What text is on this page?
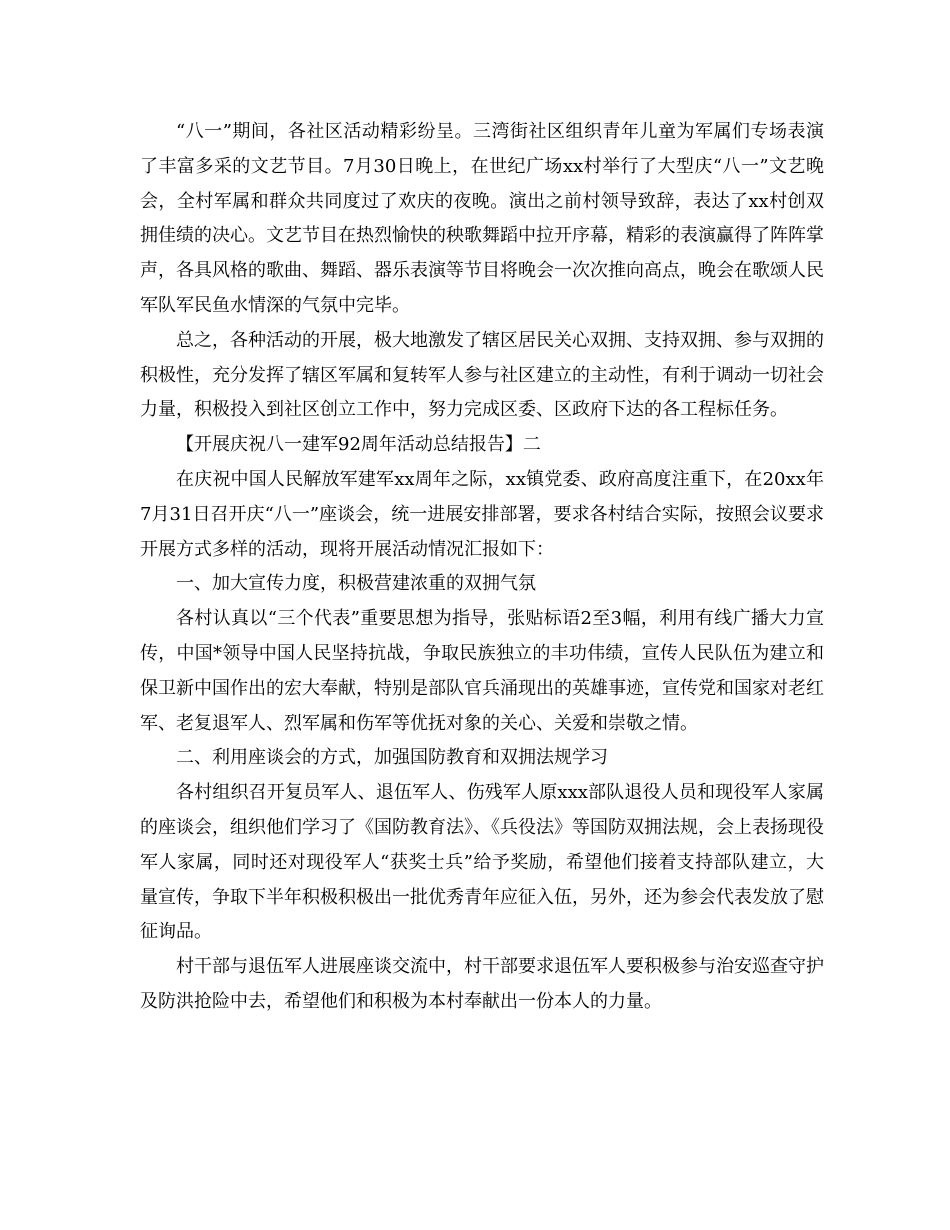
“八一”期间，各社区活动精彩纷呈。三湾街社区组织青年儿童为军属们专场表演了丰富多采的文艺节目。7月30日晚上，在世纪广场xx村举行了大型庆“八一”文艺晚会，全村军属和群众共同度过了欢庆的夜晚。演出之前村领导致辞，表达了xx村创双拥佳绩的决心。文艺节目在热烈愉快的秧歌舞蹈中拉开序幕，精彩的表演赢得了阵阵掌声，各具风格的歌曲、舞蹈、器乐表演等节目将晚会一次次推向高点，晚会在歌颂人民军队军民鱼水情深的气氛中完毕。

总之，各种活动的开展，极大地激发了辖区居民关心双拥、支持双拥、参与双拥的积极性，充分发挥了辖区军属和复转军人参与社区建立的主动性，有利于调动一切社会力量，积极投入到社区创立工作中，努力完成区委、区政府下达的各工程标任务。

【开展庆祝八一建军92周年活动总结报告】二

在庆祝中国人民解放军建军xx周年之际，xx镇党委、政府高度注重下，在20xx年7月31日召开庆“八一”座谈会，统一进展安排部署，要求各村结合实际，按照会议要求开展方式多样的活动，现将开展活动情况汇报如下：

一、加大宣传力度，积极营建浓重的双拥气氛

各村认真以“三个代表”重要思想为指导，张贴标语2至3幅，利用有线广播大力宣传，中国*领导中国人民坚持抗战，争取民族独立的丰功伟绩，宣传人民队伍为建立和保卫新中国作出的宏大奉献，特别是部队官兵涌现出的英雄事迹，宣传党和国家对老红军、老复退军人、烈军属和伤军等优抚对象的关心、关爱和崇敬之情。

二、利用座谈会的方式，加强国防教育和双拥法规学习

各村组织召开复员军人、退伍军人、伤残军人原xxx部队退役人员和现役军人家属的座谈会，组织他们学习了《国防教育法》、《兵役法》等国防双拥法规，会上表扬现役军人家属，同时还对现役军人“获奖士兵”给予奖励，希望他们接着支持部队建立，大量宣传，争取下半年积极积极出一批优秀青年应征入伍，另外，还为参会代表发放了慰征询品。

村干部与退伍军人进展座谈交流中，村干部要求退伍军人要积极参与治安巡查守护及防洪抢险中去，希望他们和积极为本村奉献出一份本人的力量。
